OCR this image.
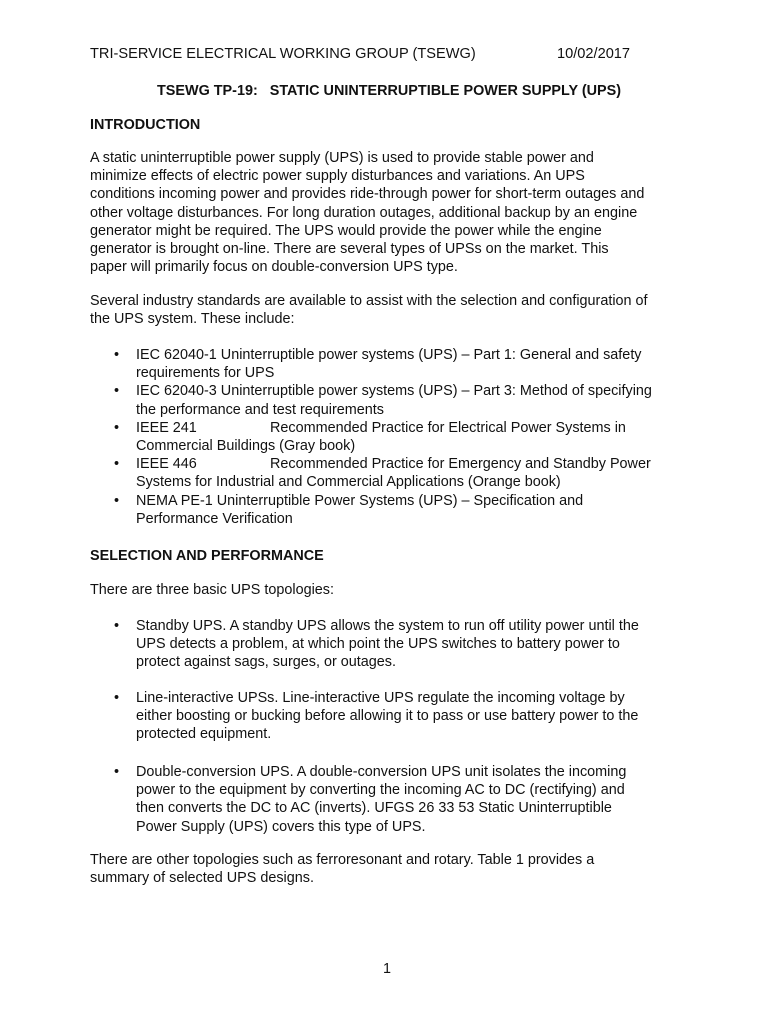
TRI-SERVICE ELECTRICAL WORKING GROUP (TSEWG)	10/02/2017
TSEWG TP-19:   STATIC UNINTERRUPTIBLE POWER SUPPLY (UPS)
INTRODUCTION
A static uninterruptible power supply (UPS) is used to provide stable power and
minimize effects of electric power supply disturbances and variations. An UPS
conditions incoming power and provides ride-through power for short-term outages and
other voltage disturbances. For long duration outages, additional backup by an engine
generator might be required. The UPS would provide the power while the engine
generator is brought on-line. There are several types of UPSs on the market. This
paper will primarily focus on double-conversion UPS type.
Several industry standards are available to assist with the selection and configuration of
the UPS system. These include:
• IEC 62040-1 Uninterruptible power systems (UPS) – Part 1: General and safety
requirements for UPS
• IEC 62040-3 Uninterruptible power systems (UPS) – Part 3: Method of specifying
the performance and test requirements
• IEEE 241	Recommended Practice for Electrical Power Systems in
Commercial Buildings (Gray book)
• IEEE 446	Recommended Practice for Emergency and Standby Power
Systems for Industrial and Commercial Applications (Orange book)
• NEMA PE-1 Uninterruptible Power Systems (UPS) – Specification and
Performance Verification
SELECTION AND PERFORMANCE
There are three basic UPS topologies:
• Standby UPS. A standby UPS allows the system to run off utility power until the
UPS detects a problem, at which point the UPS switches to battery power to
protect against sags, surges, or outages.
• Line-interactive UPSs. Line-interactive UPS regulate the incoming voltage by
either boosting or bucking before allowing it to pass or use battery power to the
protected equipment.
• Double-conversion UPS. A double-conversion UPS unit isolates the incoming
power to the equipment by converting the incoming AC to DC (rectifying) and
then converts the DC to AC (inverts). UFGS 26 33 53 Static Uninterruptible
Power Supply (UPS) covers this type of UPS.
There are other topologies such as ferroresonant and rotary. Table 1 provides a
summary of selected UPS designs.
1
